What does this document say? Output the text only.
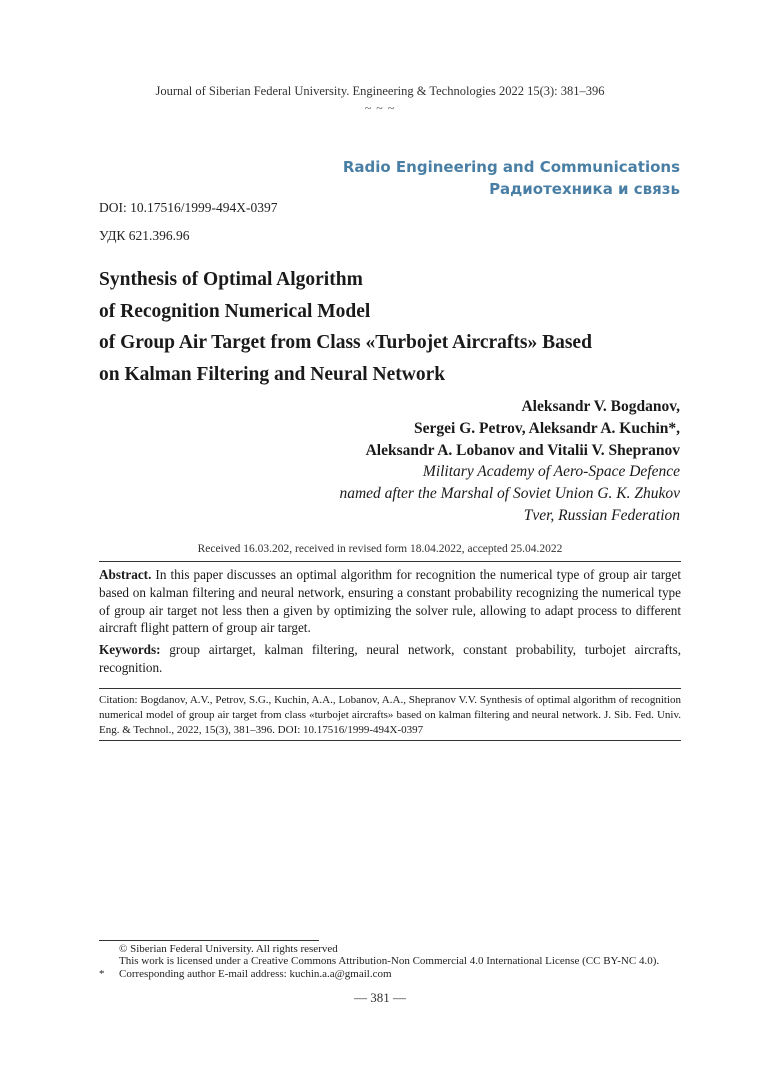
Journal of Siberian Federal University. Engineering & Technologies 2022 15(3): 381–396
~ ~ ~
Radio Engineering and Communications
Радиотехника и связь
DOI: 10.17516/1999-494X-0397
УДК 621.396.96
Synthesis of Optimal Algorithm
of Recognition Numerical Model
of Group Air Target from Class «Turbojet Aircrafts» Based
on Kalman Filtering and Neural Network
Aleksandr V. Bogdanov,
Sergei G. Petrov, Aleksandr A. Kuchin*,
Aleksandr A. Lobanov and Vitalii V. Shepranov
Military Academy of Aero-Space Defence
named after the Marshal of Soviet Union G. K. Zhukov
Tver, Russian Federation
Received 16.03.202, received in revised form 18.04.2022, accepted 25.04.2022
Abstract. In this paper discusses an optimal algorithm for recognition the numerical type of group air target based on kalman filtering and neural network, ensuring a constant probability recognizing the numerical type of group air target not less then a given by optimizing the solver rule, allowing to adapt process to different aircraft flight pattern of group air target.
Keywords: group airtarget, kalman filtering, neural network, constant probability, turbojet aircrafts, recognition.
Citation: Bogdanov, A.V., Petrov, S.G., Kuchin, A.A., Lobanov, A.A., Shepranov V.V. Synthesis of optimal algorithm of recognition numerical model of group air target from class «turbojet aircrafts» based on kalman filtering and neural network. J. Sib. Fed. Univ. Eng. & Technol., 2022, 15(3), 381–396. DOI: 10.17516/1999-494X-0397
© Siberian Federal University. All rights reserved
This work is licensed under a Creative Commons Attribution-Non Commercial 4.0 International License (CC BY-NC 4.0).
*	Corresponding author E-mail address: kuchin.a.a@gmail.com
— 381 —
